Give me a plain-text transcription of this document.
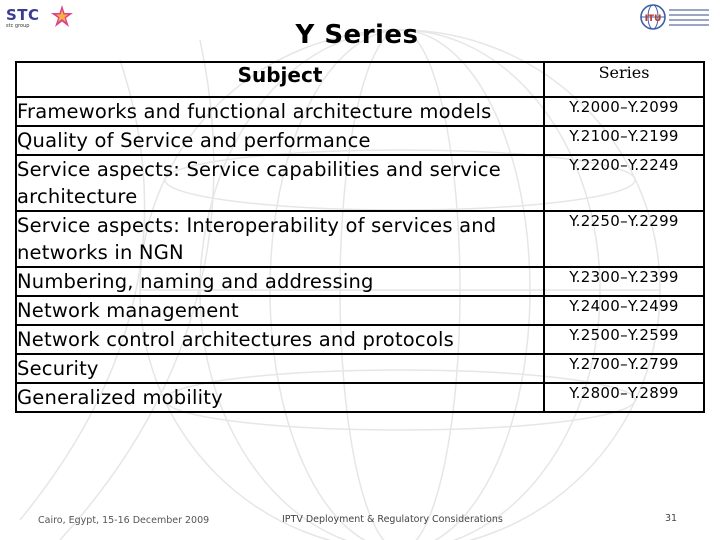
STC
stc group
ITU
Y Series
Subject	Series
Frameworks and functional architecture models	Y.2000–Y.2099
Quality of Service and performance	Y.2100–Y.2199
Service aspects: Service capabilities and service architecture	Y.2200–Y.2249
Service aspects: Interoperability of services and networks in NGN	Y.2250–Y.2299
Numbering, naming and addressing	Y.2300–Y.2399
Network management	Y.2400–Y.2499
Network control architectures and protocols	Y.2500–Y.2599
Security	Y.2700–Y.2799
Generalized mobility	Y.2800–Y.2899
Cairo, Egypt, 15-16 December 2009	IPTV Deployment & Regulatory Considerations	31
